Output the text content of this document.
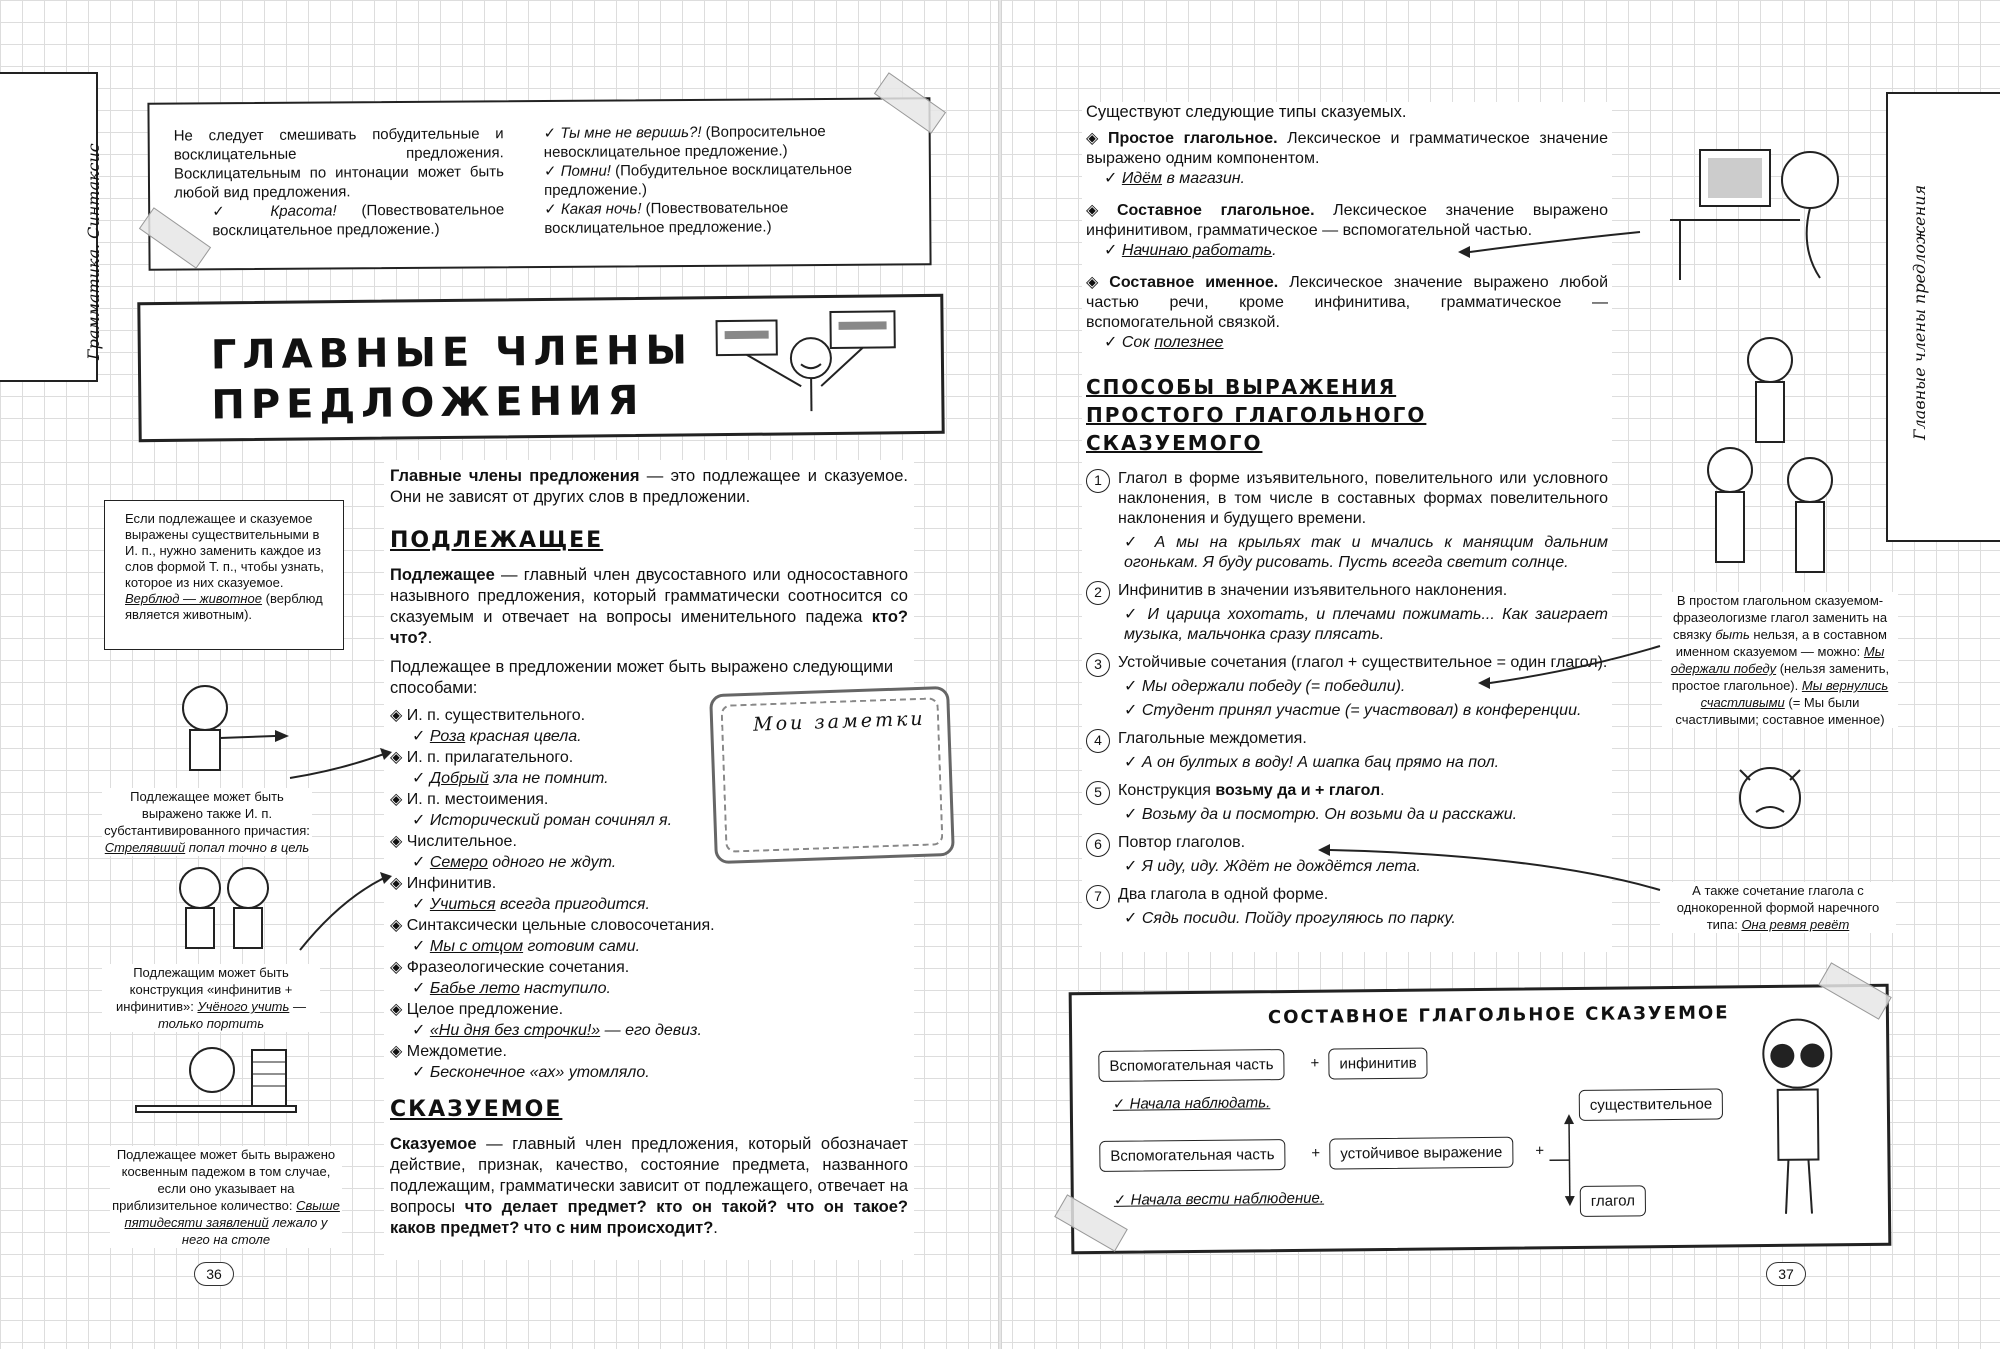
Грамматика. Синтаксис
Не следует смешивать побудительные и восклицательные предложения. Восклицательным по интонации может быть любой вид предложения.
✓ Красота! (Повествовательное восклицательное предложение.)
✓ Ты мне не веришь?! (Вопросительное невосклицательное предложение.)
✓ Помни! (Побудительное восклицательное предложение.)
✓ Какая ночь! (Повествовательное восклицательное предложение.)
ГЛАВНЫЕ ЧЛЕНЫ
ПРЕДЛОЖЕНИЯ
Если подлежащее и сказуемое выражены существительными в И. п., нужно заменить каждое из слов формой Т. п., чтобы узнать, которое из них сказуемое. Верблюд — животное (верблюд является животным).
Подлежащее может быть выражено также И. п. субстантивированного причастия: Стрелявший попал точно в цель
Подлежащим может быть конструкция «инфинитив + инфинитив»: Учёного учить — только портить
Подлежащее может быть выражено косвенным падежом в том случае, если оно указывает на приблизительное количество: Свыше пятидесяти заявлений лежало у него на столе
Главные члены предложения — это подлежащее и сказуемое. Они не зависят от других слов в предложении.
ПОДЛЕЖАЩЕЕ
Подлежащее — главный член двусоставного или односоставного назывного предложения, который грамматически соотносится со сказуемым и отвечает на вопросы именительного падежа кто? что?.
Подлежащее в предложении может быть выражено следующими способами:
◈ И. п. существительного.
✓ Роза красная цвела.
◈ И. п. прилагательного.
✓ Добрый зла не помнит.
◈ И. п. местоимения.
✓ Исторический роман сочинял я.
◈ Числительное.
✓ Семеро одного не ждут.
◈ Инфинитив.
✓ Учиться всегда пригодится.
◈ Синтаксически цельные словосочетания.
✓ Мы с отцом готовим сами.
◈ Фразеологические сочетания.
✓ Бабье лето наступило.
◈ Целое предложение.
✓ «Ни дня без строчки!» — его девиз.
◈ Междометие.
✓ Бесконечное «ах» утомляло.
СКАЗУЕМОЕ
Сказуемое — главный член предложения, который обозначает действие, признак, качество, состояние предмета, названного подлежащим, грамматически зависит от подлежащего, отвечает на вопросы что делает предмет? кто он такой? что он такое? каков предмет? что с ним происходит?.
Мои заметки
36
Главные члены предложения
Существуют следующие типы сказуемых.
◈ Простое глагольное. Лексическое и грамматическое значение выражено одним компонентом.
✓ Идём в магазин.
◈ Составное глагольное. Лексическое значение выражено инфинитивом, грамматическое — вспомогательной частью.
✓ Начинаю работать.
◈ Составное именное. Лексическое значение выражено любой частью речи, кроме инфинитива, грамматическое — вспомогательной связкой.
✓ Сок полезнее
СПОСОБЫ ВЫРАЖЕНИЯ ПРОСТОГО ГЛАГОЛЬНОГО СКАЗУЕМОГО
1	Глагол в форме изъявительного, повелительного или условного наклонения, в том числе в составных формах повелительного наклонения и будущего времени.
✓ А мы на крыльях так и мчались к манящим дальним огонькам. Я буду рисовать. Пусть всегда светит солнце.
2	Инфинитив в значении изъявительного наклонения.
✓ И царица хохотать, и плечами пожимать... Как заиграет музыка, мальчонка сразу плясать.
3	Устойчивые сочетания (глагол + существительное = один глагол).
✓ Мы одержали победу (= победили).
✓ Студент принял участие (= участвовал) в конференции.
4	Глагольные междометия.
✓ А он бултых в воду! А шапка бац прямо на пол.
5	Конструкция возьму да и + глагол.
✓ Возьму да и посмотрю. Он возьми да и расскажи.
6	Повтор глаголов.
✓ Я иду, иду. Ждёт не дождётся лета.
7	Два глагола в одной форме.
✓ Сядь посиди. Пойду прогуляюсь по парку.
В простом глагольном сказуемом-фразеологизме глагол заменить на связку быть нельзя, а в составном именном сказуемом — можно: Мы одержали победу (нельзя заменить, простое глагольное). Мы вернулись счастливыми (= Мы были счастливыми; составное именное)
А также сочетание глагола с однокоренной формой наречного типа: Она ревмя ревёт
СОСТАВНОЕ ГЛАГОЛЬНОЕ СКАЗУЕМОЕ
Вспомогательная часть	+	инфинитив
✓ Начала наблюдать.
Вспомогательная часть	+	устойчивое выражение	+
существительное
глагол
✓ Начала вести наблюдение.
37
